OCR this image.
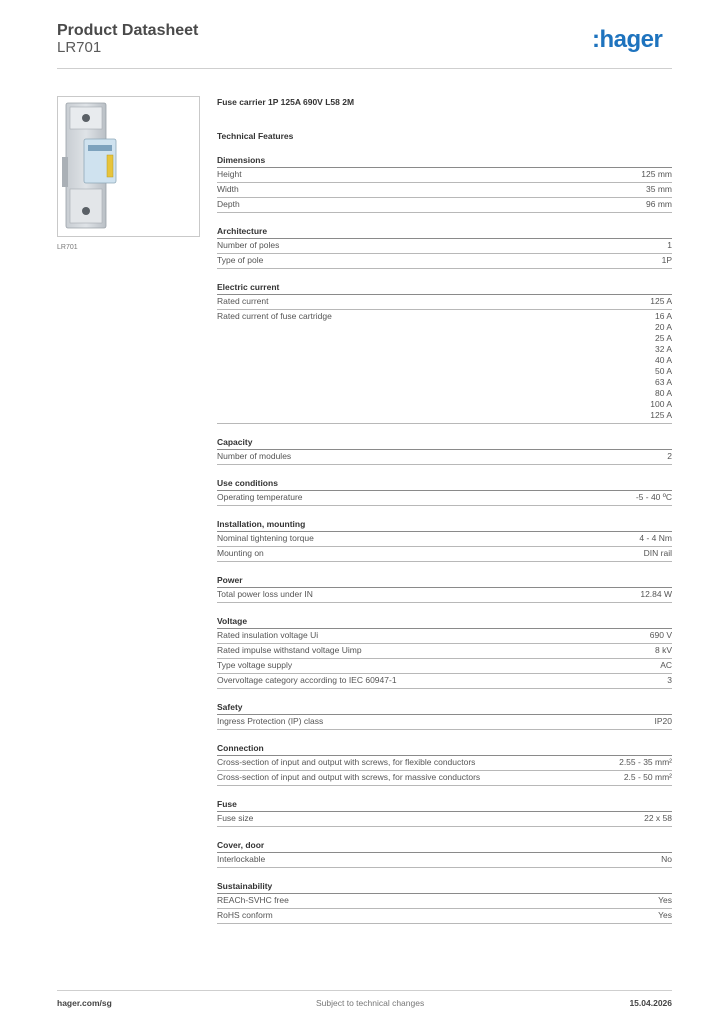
Product Datasheet
LR701	:hager
LR701
Fuse carrier 1P 125A 690V L58 2M
Technical Features
Dimensions
Height	125 mm
Width	35 mm
Depth	96 mm
Architecture
Number of poles	1
Type of pole	1P
Electric current
Rated current	125 A
Rated current of fuse cartridge	16 A
20 A
25 A
32 A
40 A
50 A
63 A
80 A
100 A
125 A
Capacity
Number of modules	2
Use conditions
Operating temperature	-5 - 40 ºC
Installation, mounting
Nominal tightening torque	4 - 4 Nm
Mounting on	DIN rail
Power
Total power loss under IN	12.84 W
Voltage
Rated insulation voltage Ui	690 V
Rated impulse withstand voltage Uimp	8 kV
Type voltage supply	AC
Overvoltage category according to IEC 60947-1	3
Safety
Ingress Protection (IP) class	IP20
Connection
Cross-section of input and output with screws, for flexible conductors	2.55 - 35 mm²
Cross-section of input and output with screws, for massive conductors	2.5 - 50 mm²
Fuse
Fuse size	22 x 58
Cover, door
Interlockable	No
Sustainability
REACh-SVHC free	Yes
RoHS conform	Yes
hager.com/sg	Subject to technical changes	15.04.2026
